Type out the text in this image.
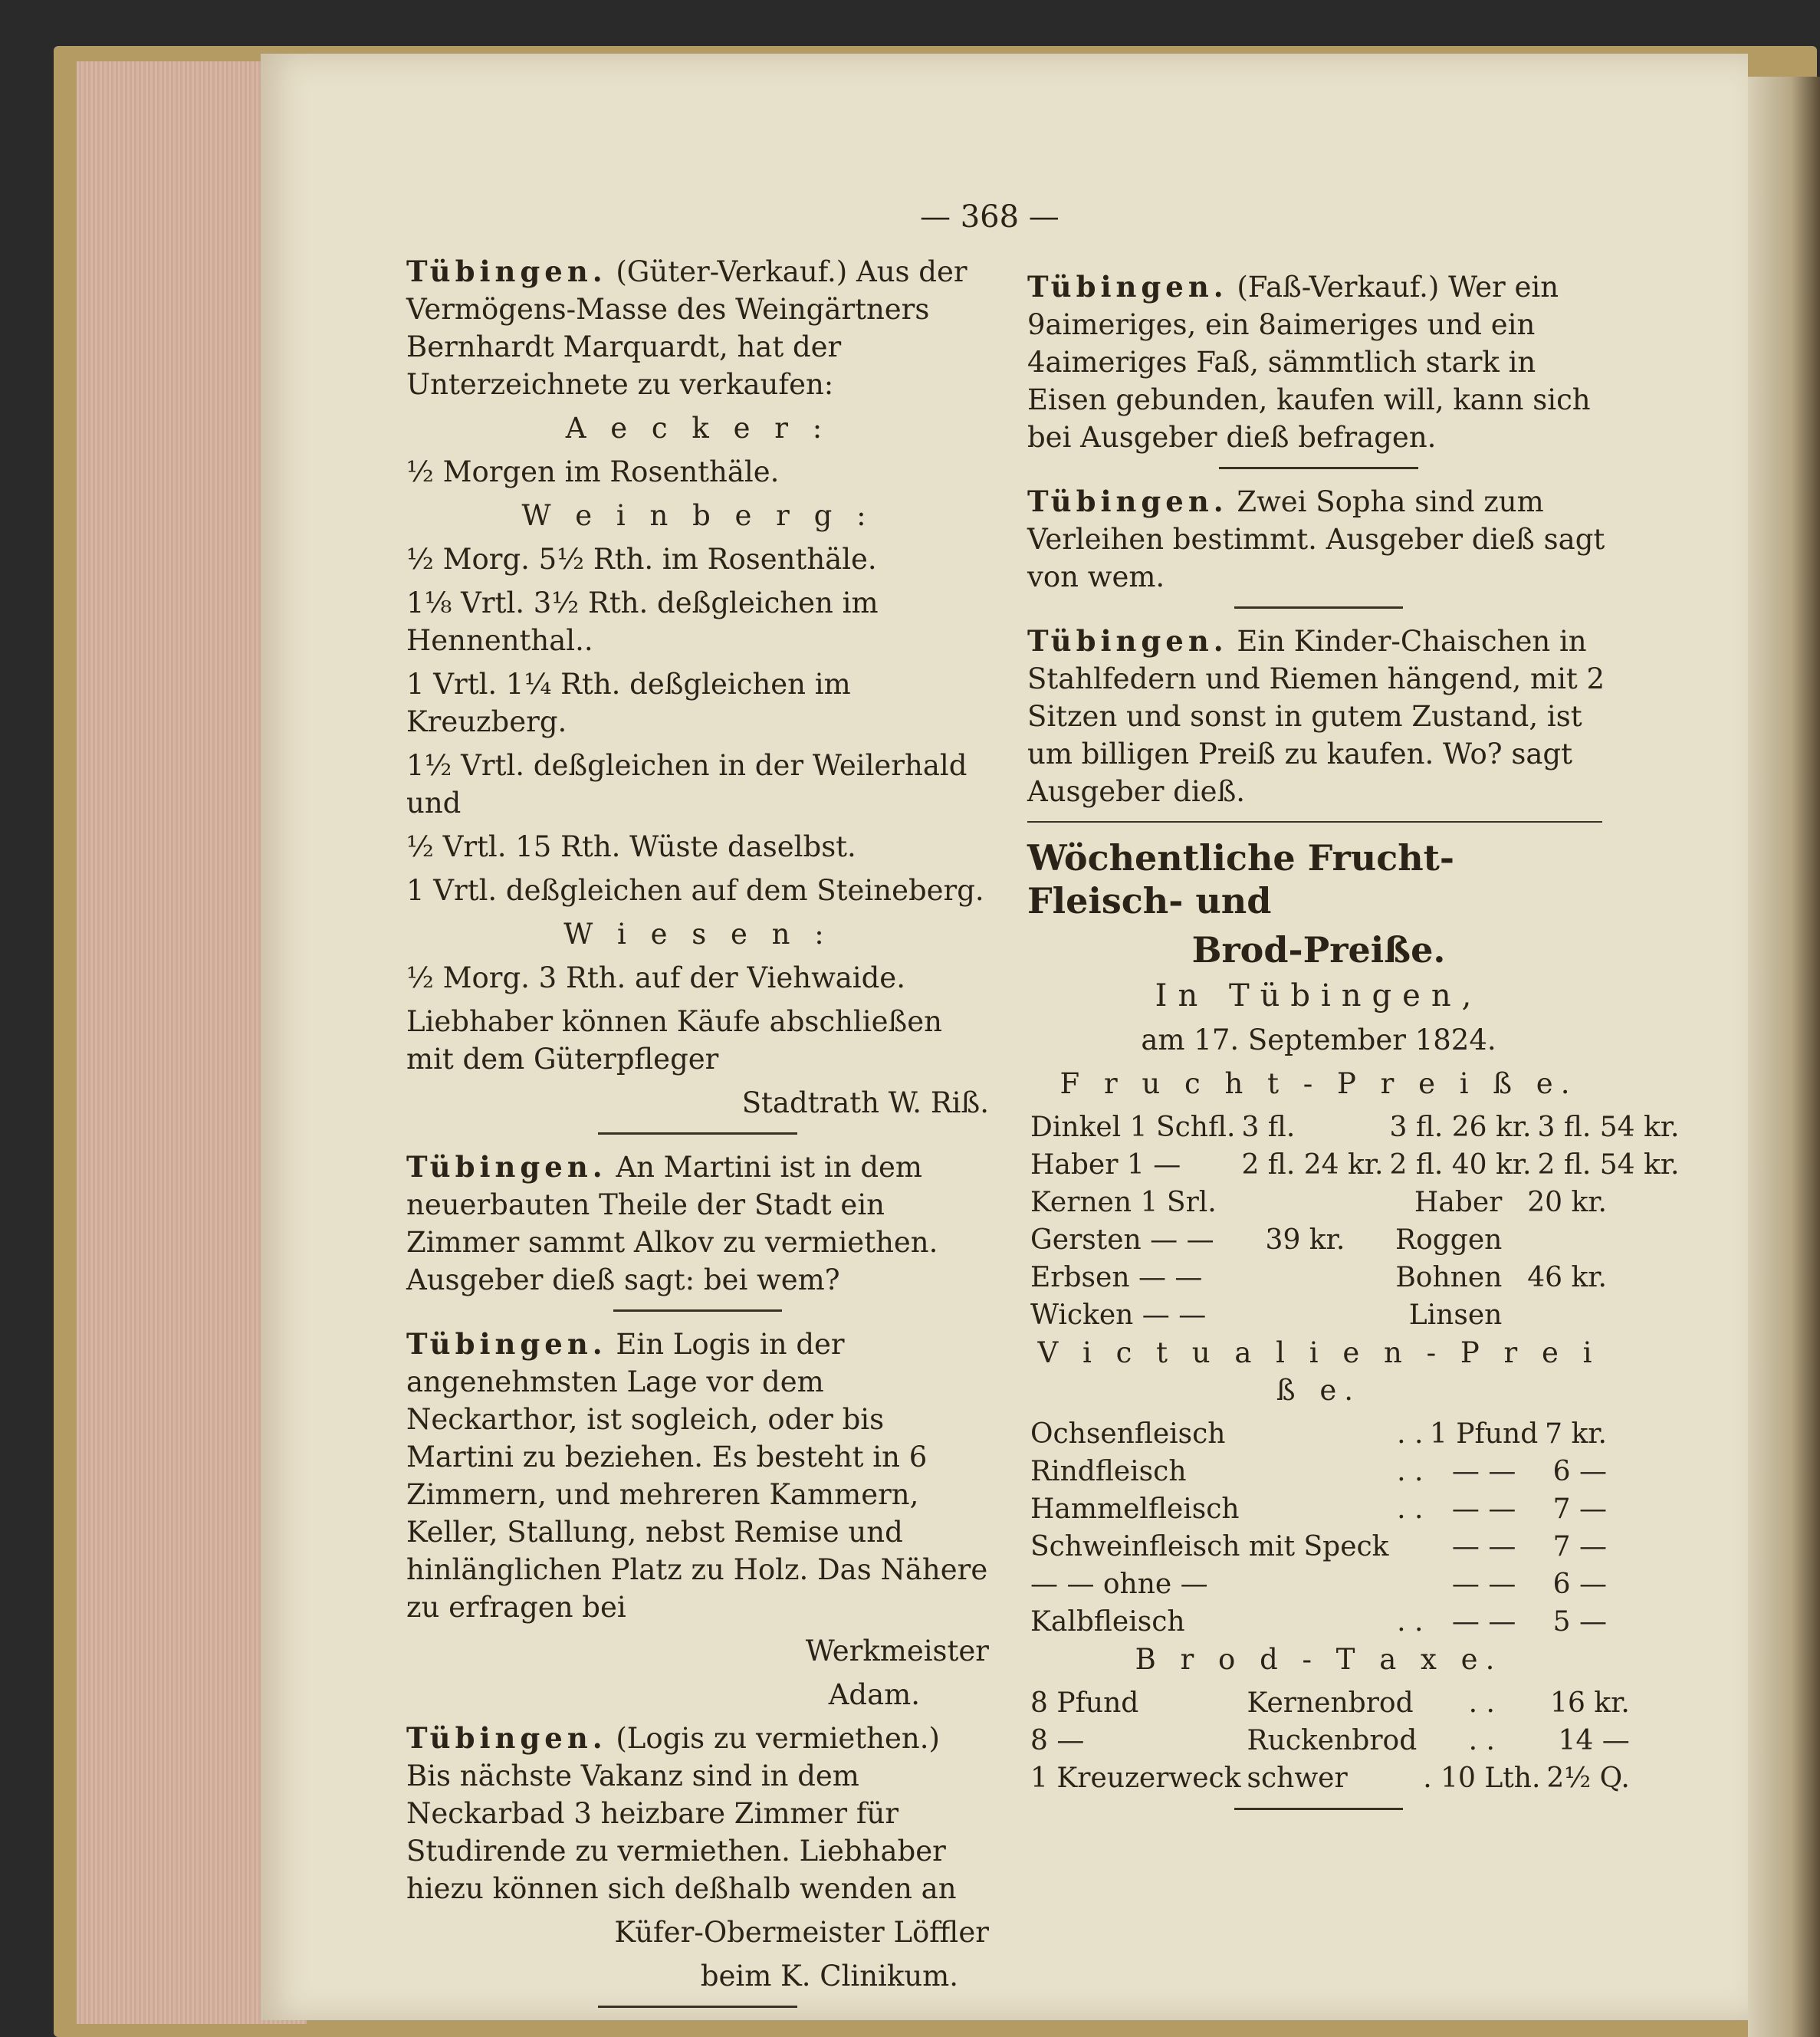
— 368 —

Tübingen. (Güter-Verkauf.) Aus der Vermögens-Masse des Weingärtners Bernhardt Marquardt, hat der Unterzeichnete zu verkaufen:

A e c k e r :

½ Morgen im Rosenthäle.

W e i n b e r g :

½ Morg. 5½ Rth. im Rosenthäle.

1⅛ Vrtl. 3½ Rth. deßgleichen im Hennenthal..

1 Vrtl. 1¼ Rth. deßgleichen im Kreuzberg.

1½ Vrtl. deßgleichen in der Weilerhald und

½ Vrtl. 15 Rth. Wüste daselbst.

1 Vrtl. deßgleichen auf dem Steineberg.

W i e s e n :

½ Morg. 3 Rth. auf der Viehwaide.

Liebhaber können Käufe abschließen mit dem Güterpfleger

Stadtrath W. Riß.

Tübingen. An Martini ist in dem neuerbauten Theile der Stadt ein Zimmer sammt Alkov zu vermiethen. Ausgeber dieß sagt: bei wem?

Tübingen. Ein Logis in der angenehmsten Lage vor dem Neckarthor, ist sogleich, oder bis Martini zu beziehen. Es besteht in 6 Zimmern, und mehreren Kammern, Keller, Stallung, nebst Remise und hinlänglichen Platz zu Holz. Das Nähere zu erfragen bei

Werkmeister

Adam.

Tübingen. (Logis zu vermiethen.) Bis nächste Vakanz sind in dem Neckarbad 3 heizbare Zimmer für Studirende zu vermiethen. Liebhaber hiezu können sich deßhalb wenden an

Küfer-Obermeister Löffler

beim K. Clinikum.

Tübingen. (Faß-Verkauf.) Wer ein 9aimeriges, ein 8aimeriges und ein 4aimeriges Faß, sämmtlich stark in Eisen gebunden, kaufen will, kann sich bei Ausgeber dieß befragen.

Tübingen. Zwei Sopha sind zum Verleihen bestimmt. Ausgeber dieß sagt von wem.

Tübingen. Ein Kinder-Chaischen in Stahlfedern und Riemen hängend, mit 2 Sitzen und sonst in gutem Zustand, ist um billigen Preiß zu kaufen. Wo? sagt Ausgeber dieß.

Wöchentliche Frucht- Fleisch- und

Brod-Preiße.

In Tübingen,

am 17. September 1824.

F r u c h t - P r e i ß e.

Dinkel 1 Schfl.	3 fl.	3 fl. 26 kr.	3 fl. 54 kr.
Haber 1 —	2 fl. 24 kr.	2 fl. 40 kr.	2 fl. 54 kr.
Kernen 1 Srl.		Haber	20 kr.
Gersten — —	39 kr.	Roggen	
Erbsen — —		Bohnen	46 kr.
Wicken — —		Linsen	

V i c t u a l i e n - P r e i ß e.

Ochsenfleisch	. .	1 Pfund	7 kr.
Rindfleisch	. .	— —	6 —
Hammelfleisch	. .	— —	7 —
Schweinfleisch mit Speck		— —	7 —
— — ohne —		— —	6 —
Kalbfleisch	. .	— —	5 —

B r o d - T a x e.

8 Pfund	Kernenbrod	. .	16 kr.
8 —	Ruckenbrod	. .	14 —
1 Kreuzerweck	schwer	. 10 Lth.	2½ Q.
